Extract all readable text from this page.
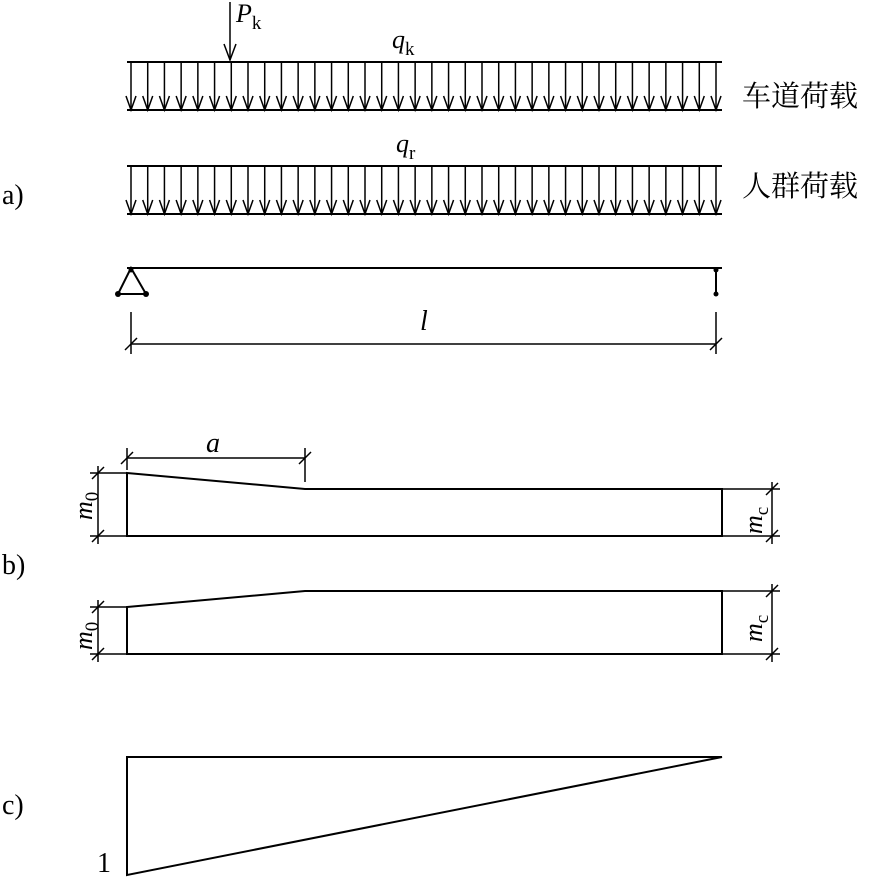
a)
$P_k$
$q_k$
车道荷载
$q_r$
人群荷载
l
b)
a
$m_0$
$m_c$
$m_0$	$m_c$
c)
1
